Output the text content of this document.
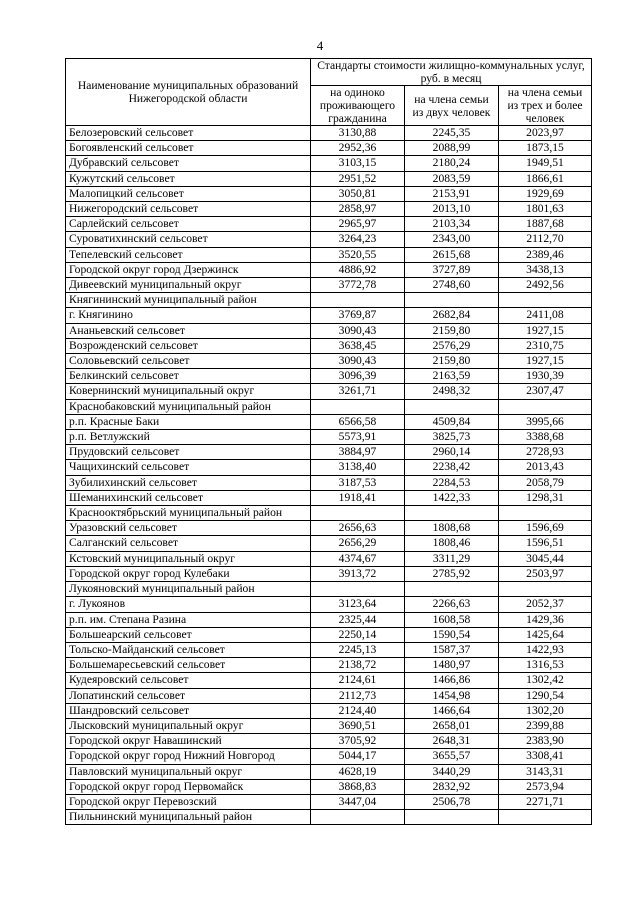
4
Наименование муниципальных образований Нижегородской области	Стандарты стоимости жилищно-коммунальных услуг, руб. в месяц		
	на одиноко проживающего гражданина	на члена семьи из двух человек	на члена семьи из трех и более человек
Белозеровский сельсовет	3130,88	2245,35	2023,97
Богоявленский сельсовет	2952,36	2088,99	1873,15
Дубравский сельсовет	3103,15	2180,24	1949,51
Кужутский сельсовет	2951,52	2083,59	1866,61
Малопицкий сельсовет	3050,81	2153,91	1929,69
Нижегородский сельсовет	2858,97	2013,10	1801,63
Сарлейский сельсовет	2965,97	2103,34	1887,68
Суроватихинский сельсовет	3264,23	2343,00	2112,70
Тепелевский сельсовет	3520,55	2615,68	2389,46
Городской округ город Дзержинск	4886,92	3727,89	3438,13
Дивеевский муниципальный округ	3772,78	2748,60	2492,56
Княгининский муниципальный район			
г. Княгинино	3769,87	2682,84	2411,08
Ананьевский сельсовет	3090,43	2159,80	1927,15
Возрожденский сельсовет	3638,45	2576,29	2310,75
Соловьевский сельсовет	3090,43	2159,80	1927,15
Белкинский сельсовет	3096,39	2163,59	1930,39
Ковернинский муниципальный округ	3261,71	2498,32	2307,47
Краснобаковский муниципальный район			
р.п. Красные Баки	6566,58	4509,84	3995,66
р.п. Ветлужский	5573,91	3825,73	3388,68
Прудовский сельсовет	3884,97	2960,14	2728,93
Чащихинский сельсовет	3138,40	2238,42	2013,43
Зубилихинский сельсовет	3187,53	2284,53	2058,79
Шеманихинский сельсовет	1918,41	1422,33	1298,31
Краснооктябрьский муниципальный район			
Уразовский сельсовет	2656,63	1808,68	1596,69
Салганский сельсовет	2656,29	1808,46	1596,51
Кстовский муниципальный округ	4374,67	3311,29	3045,44
Городской округ город Кулебаки	3913,72	2785,92	2503,97
Лукояновский муниципальный район			
г. Лукоянов	3123,64	2266,63	2052,37
р.п. им. Степана Разина	2325,44	1608,58	1429,36
Большеарский сельсовет	2250,14	1590,54	1425,64
Тольско-Майданский сельсовет	2245,13	1587,37	1422,93
Большемаресьевский сельсовет	2138,72	1480,97	1316,53
Кудеяровский сельсовет	2124,61	1466,86	1302,42
Лопатинский сельсовет	2112,73	1454,98	1290,54
Шандровский сельсовет	2124,40	1466,64	1302,20
Лысковский муниципальный округ	3690,51	2658,01	2399,88
Городской округ Навашинский	3705,92	2648,31	2383,90
Городской округ город Нижний Новгород	5044,17	3655,57	3308,41
Павловский муниципальный округ	4628,19	3440,29	3143,31
Городской округ город Первомайск	3868,83	2832,92	2573,94
Городской округ Перевозский	3447,04	2506,78	2271,71
Пильнинский муниципальный район			
